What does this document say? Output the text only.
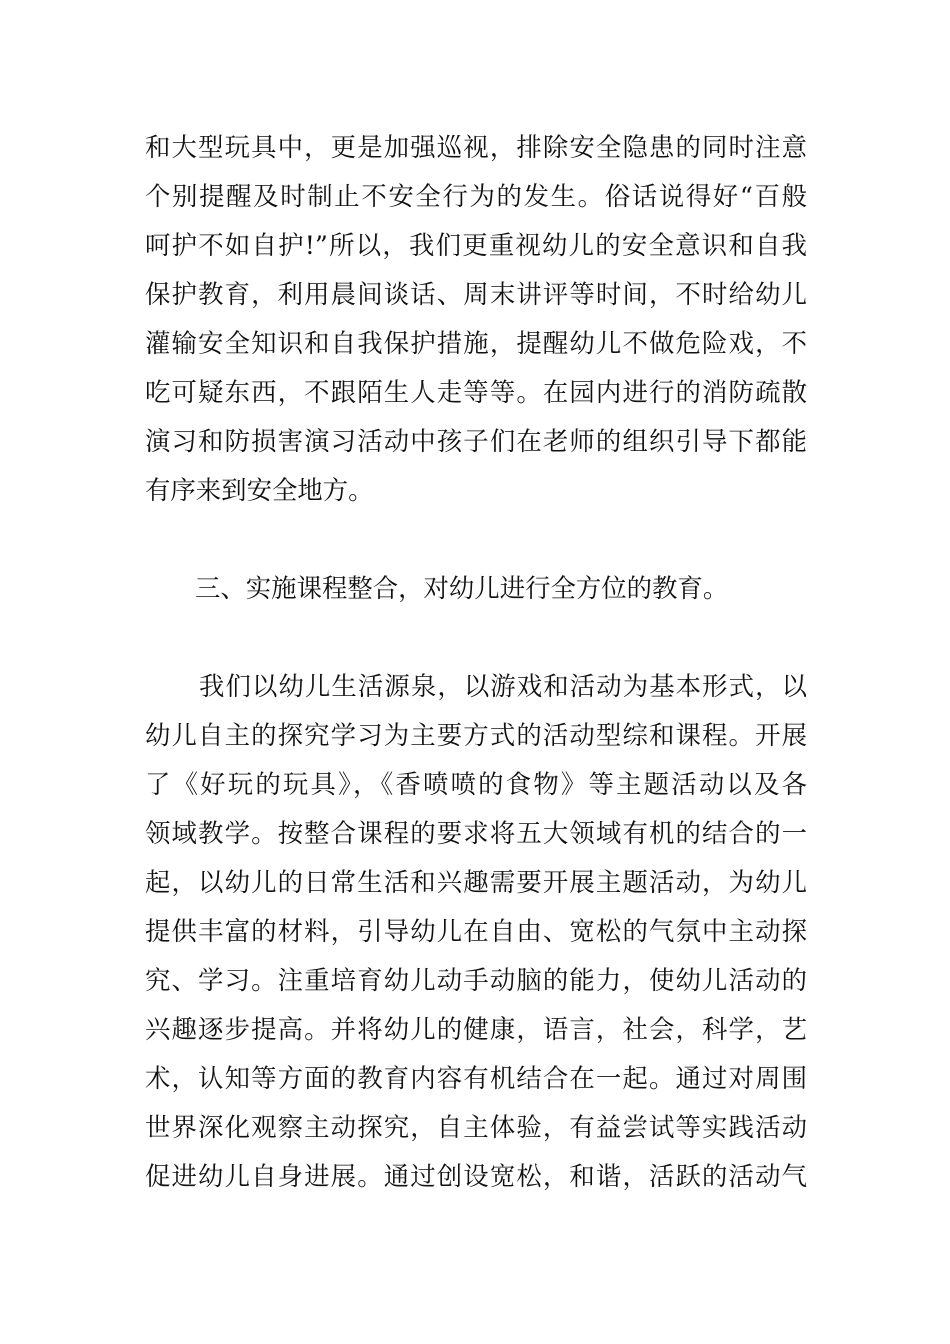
和大型玩具中，更是加强巡视，排除安全隐患的同时注意
个别提醒及时制止不安全行为的发生。俗话说得好“百般
呵护不如自护!”所以，我们更重视幼儿的安全意识和自我
保护教育，利用晨间谈话、周末讲评等时间，不时给幼儿
灌输安全知识和自我保护措施，提醒幼儿不做危险戏，不
吃可疑东西，不跟陌生人走等等。在园内进行的消防疏散
演习和防损害演习活动中孩子们在老师的组织引导下都能
有序来到安全地方。
三、实施课程整合，对幼儿进行全方位的教育。
我们以幼儿生活源泉，以游戏和活动为基本形式，以
幼儿自主的探究学习为主要方式的活动型综和课程。开展
了《好玩的玩具》，《香喷喷的食物》等主题活动以及各
领域教学。按整合课程的要求将五大领域有机的结合的一
起，以幼儿的日常生活和兴趣需要开展主题活动，为幼儿
提供丰富的材料，引导幼儿在自由、宽松的气氛中主动探
究、学习。注重培育幼儿动手动脑的能力，使幼儿活动的
兴趣逐步提高。并将幼儿的健康，语言，社会，科学，艺
术，认知等方面的教育内容有机结合在一起。通过对周围
世界深化观察主动探究，自主体验，有益尝试等实践活动
促进幼儿自身进展。通过创设宽松，和谐，活跃的活动气
